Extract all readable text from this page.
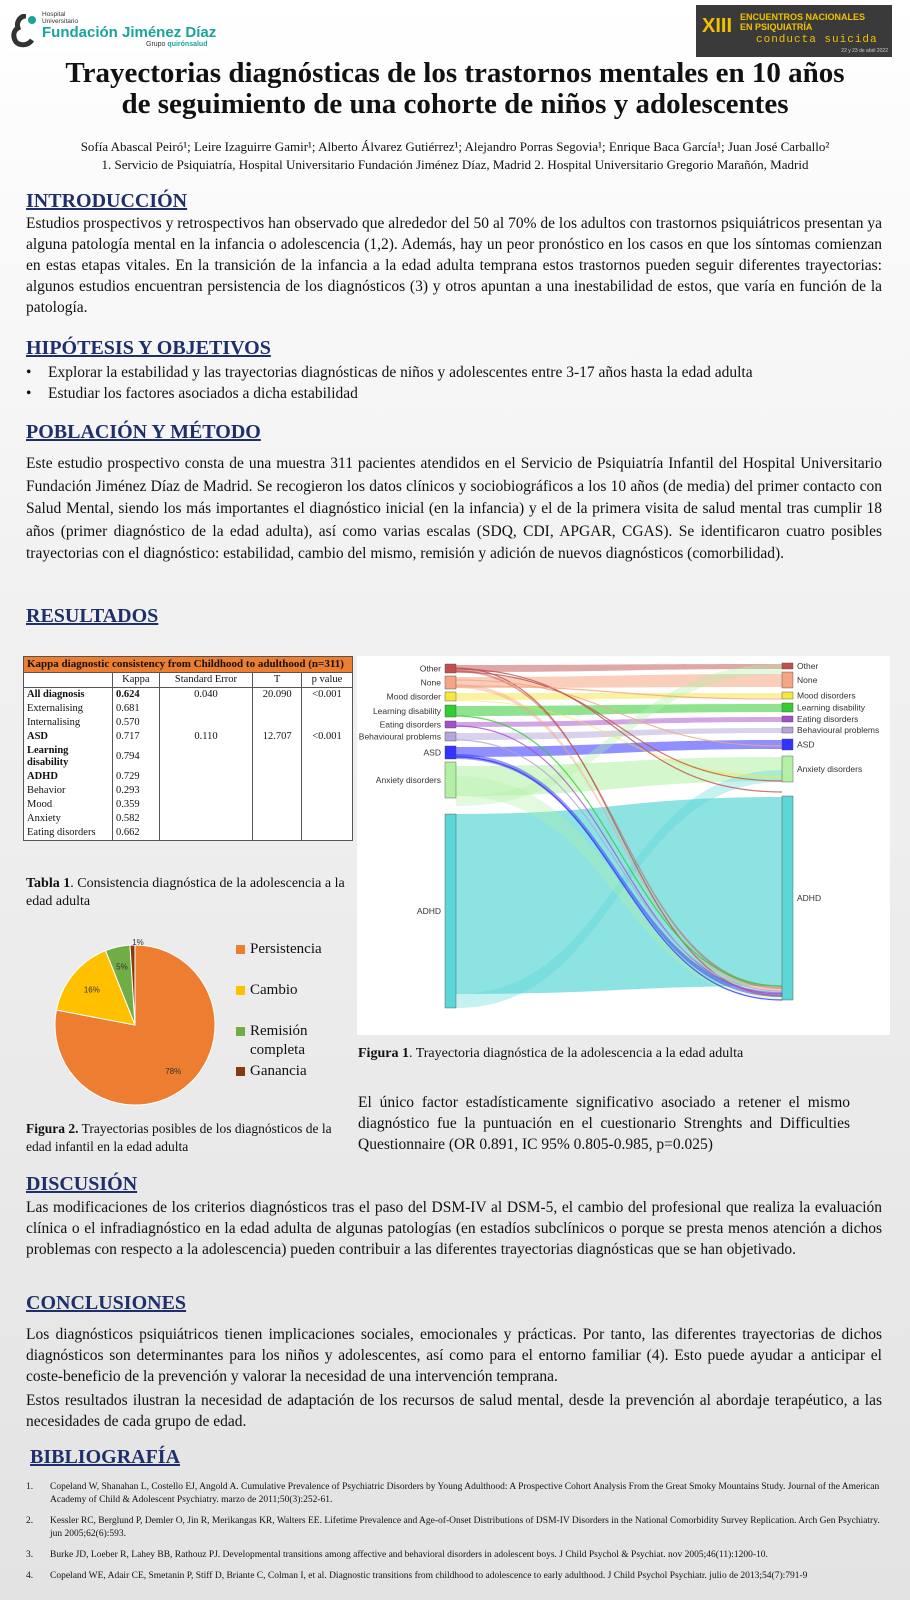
Hospital Universitario
Fundación Jiménez Díaz
Grupo quirónsalud
XIII ENCUENTROS NACIONALES
EN PSIQUIATRÍA
conducta suicida
22 y 23 de abril 2022
Trayectorias diagnósticas de los trastornos mentales en 10 años
de seguimiento de una cohorte de niños y adolescentes
Sofía Abascal Peiró¹; Leire Izaguirre Gamir¹; Alberto Álvarez Gutiérrez¹; Alejandro Porras Segovia¹; Enrique Baca García¹; Juan José Carballo²
1. Servicio de Psiquiatría, Hospital Universitario Fundación Jiménez Díaz, Madrid 2. Hospital Universitario Gregorio Marañón, Madrid
INTRODUCCIÓN
Estudios prospectivos y retrospectivos han observado que alrededor del 50 al 70% de los adultos con trastornos psiquiátricos presentan ya alguna patología mental en la infancia o adolescencia (1,2). Además, hay un peor pronóstico en los casos en que los síntomas comienzan en estas etapas vitales. En la transición de la infancia a la edad adulta temprana estos trastornos pueden seguir diferentes trayectorias: algunos estudios encuentran persistencia de los diagnósticos (3) y otros apuntan a una inestabilidad de estos, que varía en función de la patología.
HIPÓTESIS Y OBJETIVOS
• Explorar la estabilidad y las trayectorias diagnósticas de niños y adolescentes entre 3-17 años hasta la edad adulta
• Estudiar los factores asociados a dicha estabilidad
POBLACIÓN Y MÉTODO
Este estudio prospectivo consta de una muestra 311 pacientes atendidos en el Servicio de Psiquiatría Infantil del Hospital Universitario Fundación Jiménez Díaz de Madrid. Se recogieron los datos clínicos y sociobiográficos a los 10 años (de media) del primer contacto con Salud Mental, siendo los más importantes el diagnóstico inicial (en la infancia) y el de la primera visita de salud mental tras cumplir 18 años (primer diagnóstico de la edad adulta), así como varias escalas (SDQ, CDI, APGAR, CGAS). Se identificaron cuatro posibles trayectorias con el diagnóstico: estabilidad, cambio del mismo, remisión y adición de nuevos diagnósticos (comorbilidad).
RESULTADOS
Kappa diagnostic consistency from Childhood to adulthood (n=311)				
	Kappa	Standard Error	T	p value
All diagnosis	0.624	0.040	20.090	<0.001
Externalising	0.681			
Internalising	0.570			
ASD	0.717	0.110	12.707	<0.001
Learning disability	0.794			
ADHD	0.729			
Behavior	0.293			
Mood	0.359			
Anxiety	0.582			
Eating disorders	0.662			
Tabla 1. Consistencia diagnóstica de la adolescencia a la edad adulta
78%
16%
5%
1%	Persistencia
Cambio
Remisión completa
Ganancia
Figura 2. Trayectorias posibles de los diagnósticos de la edad infantil en la edad adulta
Other
None
Mood disorder
Learning disability
Eating disorders
Behavioural problems
ASD
Anxiety disorders
ADHD
Other
None
Mood disorders
Learning disability
Eating disorders
Behavioural problems
ASD
Anxiety disorders
ADHD
Figura 1. Trayectoria diagnóstica de la adolescencia a la edad adulta
El único factor estadísticamente significativo asociado a retener el mismo diagnóstico fue la puntuación en el cuestionario Strenghts and Difficulties Questionnaire (OR 0.891, IC 95% 0.805-0.985, p=0.025)
DISCUSIÓN
Las modificaciones de los criterios diagnósticos tras el paso del DSM-IV al DSM-5, el cambio del profesional que realiza la evaluación clínica o el infradiagnóstico en la edad adulta de algunas patologías (en estadíos subclínicos o porque se presta menos atención a dichos problemas con respecto a la adolescencia) pueden contribuir a las diferentes trayectorias diagnósticas que se han objetivado.
CONCLUSIONES
Los diagnósticos psiquiátricos tienen implicaciones sociales, emocionales y prácticas. Por tanto, las diferentes trayectorias de dichos diagnósticos son determinantes para los niños y adolescentes, así como para el entorno familiar (4). Esto puede ayudar a anticipar el coste-beneficio de la prevención y valorar la necesidad de una intervención temprana.
Estos resultados ilustran la necesidad de adaptación de los recursos de salud mental, desde la prevención al abordaje terapéutico, a las necesidades de cada grupo de edad.
BIBLIOGRAFÍA
1. Copeland W, Shanahan L, Costello EJ, Angold A. Cumulative Prevalence of Psychiatric Disorders by Young Adulthood: A Prospective Cohort Analysis From the Great Smoky Mountains Study. Journal of the American Academy of Child & Adolescent Psychiatry. marzo de 2011;50(3):252-61.
2. Kessler RC, Berglund P, Demler O, Jin R, Merikangas KR, Walters EE. Lifetime Prevalence and Age-of-Onset Distributions of DSM-IV Disorders in the National Comorbidity Survey Replication. Arch Gen Psychiatry. jun 2005;62(6):593.
3. Burke JD, Loeber R, Lahey BB, Rathouz PJ. Developmental transitions among affective and behavioral disorders in adolescent boys. J Child Psychol & Psychiat. nov 2005;46(11):1200-10.
4. Copeland WE, Adair CE, Smetanin P, Stiff D, Briante C, Colman I, et al. Diagnostic transitions from childhood to adolescence to early adulthood. J Child Psychol Psychiatr. julio de 2013;54(7):791-9
